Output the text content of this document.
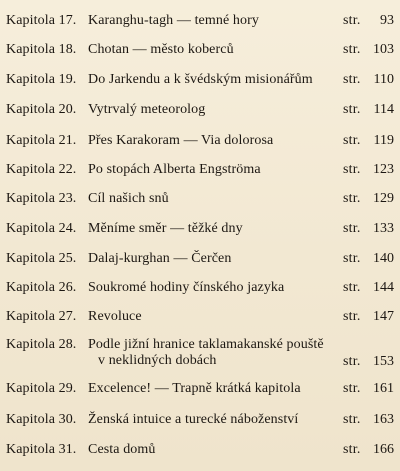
Kapitola 17. Karanghu-tagh — temné hory	str. 93
Kapitola 18. Chotan — město koberců	str. 103
Kapitola 19. Do Jarkendu a k švédským misionářům	str. 110
Kapitola 20. Vytrvalý meteorolog	str. 114
Kapitola 21. Přes Karakoram — Via dolorosa	str. 119
Kapitola 22. Po stopách Alberta Engströma	str. 123
Kapitola 23. Cíl našich snů	str. 129
Kapitola 24. Měníme směr — těžké dny	str. 133
Kapitola 25. Dalaj-kurghan — Čerčen	str. 140
Kapitola 26. Soukromé hodiny čínského jazyka	str. 144
Kapitola 27. Revoluce	str. 147
Kapitola 28. Podle jižní hranice taklamakanské pouště
v neklidných dobách	str. 153
Kapitola 29. Excelence! — Trapně krátká kapitola	str. 161
Kapitola 30. Ženská intuice a turecké náboženství	str. 163
Kapitola 31. Cesta domů	str. 166
